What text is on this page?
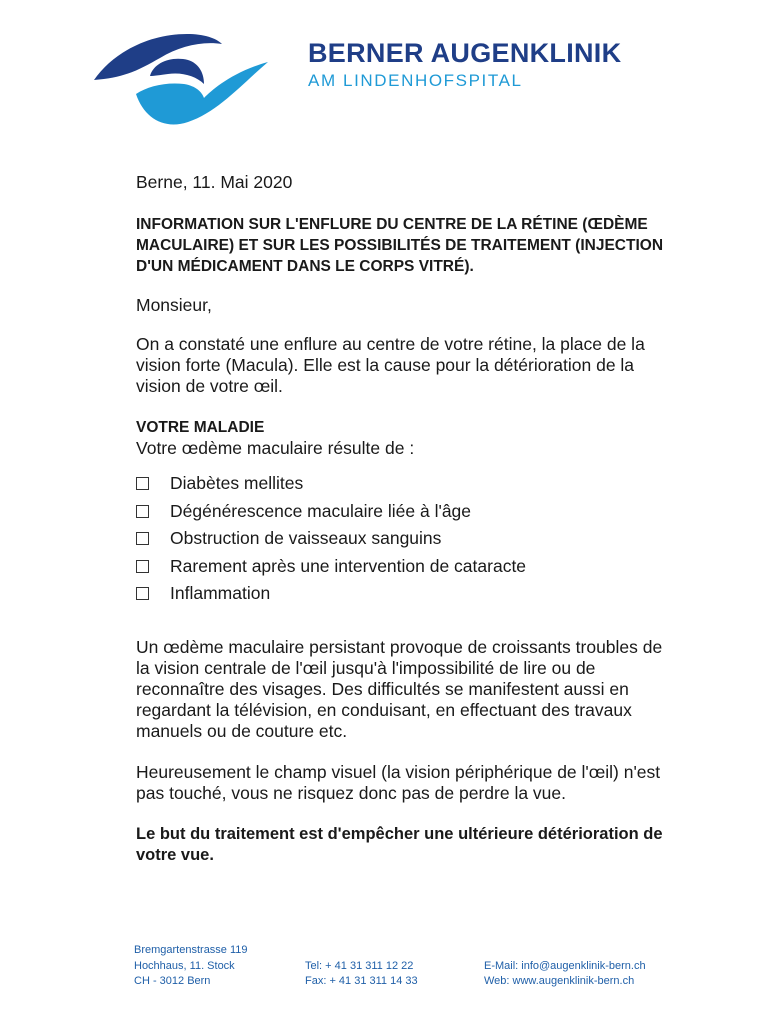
BERNER AUGENKLINIK
AM LINDENHOFSPITAL

Berne, 11. Mai 2020

INFORMATION SUR L'ENFLURE DU CENTRE DE LA RÉTINE (ŒDÈME MACULAIRE) ET SUR LES POSSIBILITÉS DE TRAITEMENT (INJECTION D'UN MÉDICAMENT DANS LE CORPS VITRÉ).

Monsieur,

On a constaté une enflure au centre de votre rétine, la place de la vision forte (Macula). Elle est la cause pour la détérioration de la vision de votre œil.

VOTRE MALADIE

Votre œdème maculaire résulte de :

Diabètes mellites
Dégénérescence maculaire liée à l'âge
Obstruction de vaisseaux sanguins
Rarement après une intervention de cataracte
Inflammation

Un œdème maculaire persistant provoque de croissants troubles de la vision centrale de l'œil jusqu'à l'impossibilité de lire ou de reconnaître des visages. Des difficultés se manifestent aussi en regardant la télévision, en conduisant, en effectuant des travaux manuels ou de couture etc.

Heureusement le champ visuel (la vision périphérique de l'œil) n'est pas touché, vous ne risquez donc pas de perdre la vue.

Le but du traitement est d'empêcher une ultérieure détérioration de votre vue.

Bremgartenstrasse 119
Hochhaus, 11. Stock
CH - 3012 Bern

Tel: + 41 31 311 12 22
Fax: + 41 31 311 14 33

E-Mail: info@augenklinik-bern.ch
Web: www.augenklinik-bern.ch
